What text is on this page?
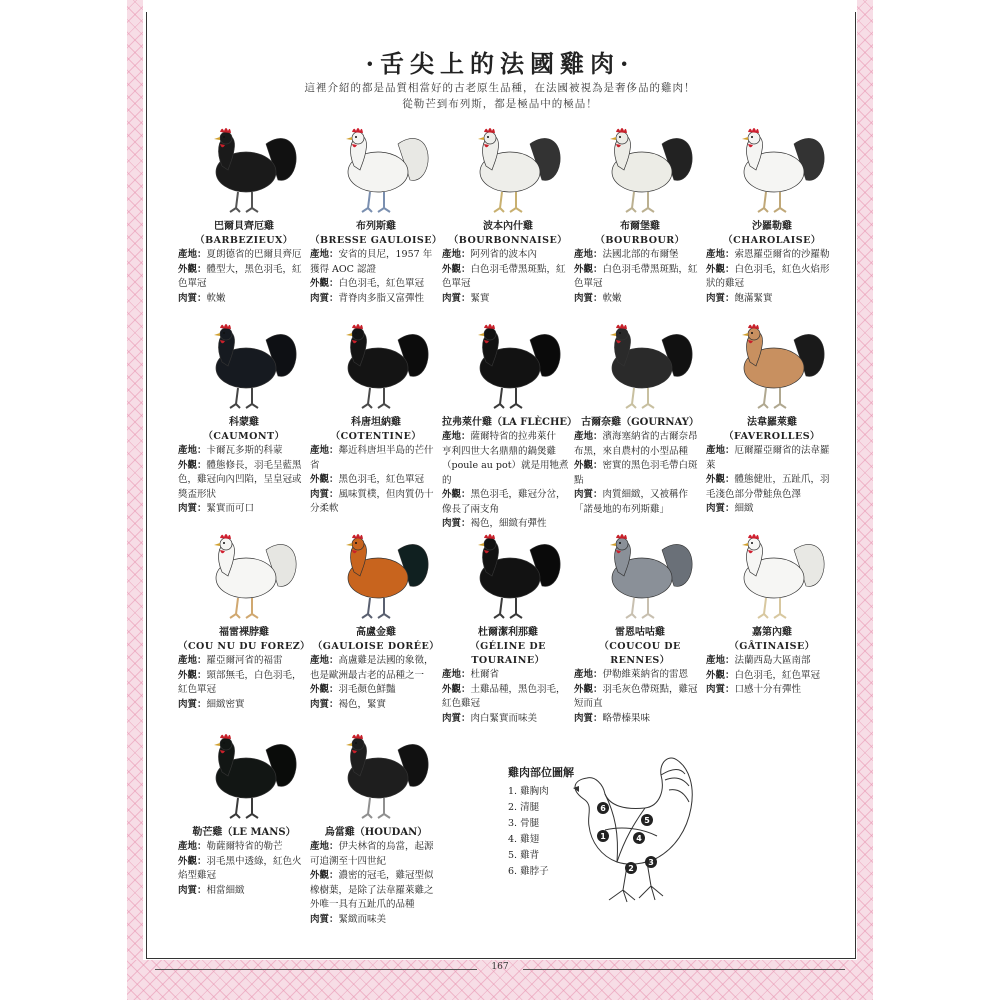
·舌尖上的法國雞肉·
這裡介紹的都是品質相當好的古老原生品種，在法國被視為是奢侈品的雞肉！
從勒芒到布列斯，都是極品中的極品！
巴爾貝齊厄雞
（BARBEZIEUX）
產地：夏朗德省的巴爾貝齊厄
外觀：體型大，黑色羽毛，紅
色單冠
肉質：軟嫩
布列斯雞
（BRESSE GAULOISE）
產地：安省的貝尼，1957 年
獲得 AOC 認證
外觀：白色羽毛，紅色單冠
肉質：背脊肉多脂又富彈性
波本內什雞
（BOURBONNAISE）
產地：阿列省的波本內
外觀：白色羽毛帶黑斑點，紅
色單冠
肉質：緊實
布爾堡雞
（BOURBOUR）
產地：法國北部的布爾堡
外觀：白色羽毛帶黑斑點，紅
色單冠
肉質：軟嫩
沙羅勒雞
（CHAROLAISE）
產地：索恩羅亞爾省的沙羅勒
外觀：白色羽毛，紅色火焰形
狀的雞冠
肉質：飽滿緊實
科蒙雞
（CAUMONT）
產地：卡爾瓦多斯的科蒙
外觀：體態修長，羽毛呈藍黑
色，雞冠向內凹陷，呈皇冠或
獎盃形狀
肉質：緊實而可口
科唐坦納雞
（COTENTINE）
產地：鄰近科唐坦半島的芒什
省
外觀：黑色羽毛，紅色單冠
肉質：風味質樸，但肉質仍十
分柔軟
拉弗萊什雞（LA FLÈCHE）
產地：薩爾特省的拉弗萊什
亨利四世大名鼎鼎的鍋煲雞
（poule au pot）就是用牠煮的
外觀：黑色羽毛，雞冠分岔，
像長了兩支角
肉質：褐色，細緻有彈性
古爾奈雞（GOURNAY）
產地：濱海塞納省的古爾奈昂
布黑，來自農村的小型品種
外觀：密實的黑色羽毛帶白斑
點
肉質：肉質細緻，又被稱作
「諾曼地的布列斯雞」
法韋羅萊雞
（FAVEROLLES）
產地：厄爾羅亞爾省的法韋羅
萊
外觀：體態健壯，五趾爪，羽
毛淺色部分帶鮭魚色澤
肉質：細緻
福雷裸脖雞
（COU NU DU FOREZ）
產地：羅亞爾河省的福雷
外觀：頸部無毛，白色羽毛，
紅色單冠
肉質：細緻密實
高盧金雞
（GAULOISE DORÉE）
產地：高盧雞是法國的象徵，
也是歐洲最古老的品種之一
外觀：羽毛顏色鮮豔
肉質：褐色，緊實
杜爾潔利那雞
（GÉLINE DE TOURAINE）
產地：杜爾省
外觀：土雞品種，黑色羽毛，
紅色雞冠
肉質：肉白緊實而味美
雷恩咕咕雞
（COUCOU DE RENNES）
產地：伊勒維萊納省的雷恩
外觀：羽毛灰色帶斑點，雞冠
短而直
肉質：略帶榛果味
嘉第內雞
（GÂTINAISE）
產地：法蘭西島大區南部
外觀：白色羽毛，紅色單冠
肉質：口感十分有彈性
勒芒雞（LE MANS）
產地：勒薩爾特省的勒芒
外觀：羽毛黑中透綠，紅色火
焰型雞冠
肉質：相當細緻
烏當雞（HOUDAN）
產地：伊夫林省的烏當，起源
可追溯至十四世紀
外觀：濃密的冠毛，雞冠型似
橡樹葉，是除了法韋羅萊雞之
外唯一具有五趾爪的品種
肉質：緊緻而味美
雞肉部位圖解
1. 雞胸肉
2. 清腿
3. 骨腿
4. 雞翅
5. 雞背
6. 雞脖子
1
2
3
4
5
6
167
